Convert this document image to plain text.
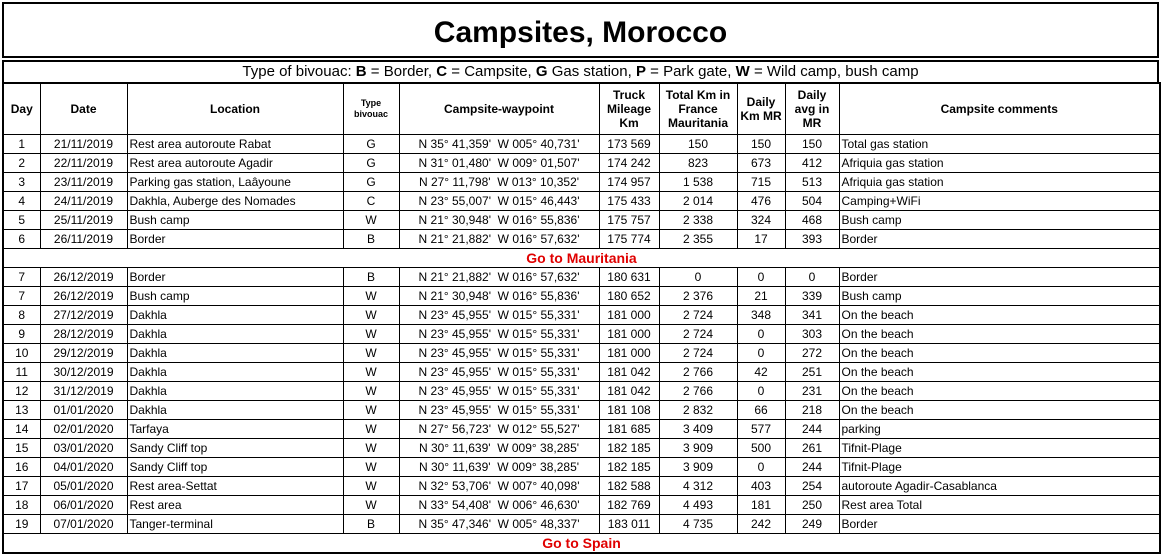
Campsites, Morocco
Type of bivouac: B = Border, C = Campsite, G Gas station, P = Park gate, W = Wild camp, bush camp
Day	Date	Location	Type bivouac	Campsite-waypoint	Truck Mileage Km	Total Km in France Mauritania	Daily Km MR	Daily avg in MR	Campsite comments
1	21/11/2019	Rest area autoroute Rabat	G	N 35° 41,359' W 005° 40,731'	173 569	150	150	150	Total gas station
2	22/11/2019	Rest area autoroute Agadir	G	N 31° 01,480' W 009° 01,507'	174 242	823	673	412	Afriquia gas station
3	23/11/2019	Parking gas station, Laâyoune	G	N 27° 11,798' W 013° 10,352'	174 957	1 538	715	513	Afriquia gas station
4	24/11/2019	Dakhla, Auberge des Nomades	C	N 23° 55,007' W 015° 46,443'	175 433	2 014	476	504	Camping+WiFi
5	25/11/2019	Bush camp	W	N 21° 30,948' W 016° 55,836'	175 757	2 338	324	468	Bush camp
6	26/11/2019	Border	B	N 21° 21,882' W 016° 57,632'	175 774	2 355	17	393	Border
Go to Mauritania									
7	26/12/2019	Border	B	N 21° 21,882' W 016° 57,632'	180 631	0	0	0	Border
7	26/12/2019	Bush camp	W	N 21° 30,948' W 016° 55,836'	180 652	2 376	21	339	Bush camp
8	27/12/2019	Dakhla	W	N 23° 45,955' W 015° 55,331'	181 000	2 724	348	341	On the beach
9	28/12/2019	Dakhla	W	N 23° 45,955' W 015° 55,331'	181 000	2 724	0	303	On the beach
10	29/12/2019	Dakhla	W	N 23° 45,955' W 015° 55,331'	181 000	2 724	0	272	On the beach
11	30/12/2019	Dakhla	W	N 23° 45,955' W 015° 55,331'	181 042	2 766	42	251	On the beach
12	31/12/2019	Dakhla	W	N 23° 45,955' W 015° 55,331'	181 042	2 766	0	231	On the beach
13	01/01/2020	Dakhla	W	N 23° 45,955' W 015° 55,331'	181 108	2 832	66	218	On the beach
14	02/01/2020	Tarfaya	W	N 27° 56,723' W 012° 55,527'	181 685	3 409	577	244	parking
15	03/01/2020	Sandy Cliff top	W	N 30° 11,639' W 009° 38,285'	182 185	3 909	500	261	Tifnit-Plage
16	04/01/2020	Sandy Cliff top	W	N 30° 11,639' W 009° 38,285'	182 185	3 909	0	244	Tifnit-Plage
17	05/01/2020	Rest area-Settat	W	N 32° 53,706' W 007° 40,098'	182 588	4 312	403	254	autoroute Agadir-Casablanca
18	06/01/2020	Rest area	W	N 33° 54,408' W 006° 46,630'	182 769	4 493	181	250	Rest area Total
19	07/01/2020	Tanger-terminal	B	N 35° 47,346' W 005° 48,337'	183 011	4 735	242	249	Border
Go to Spain									
